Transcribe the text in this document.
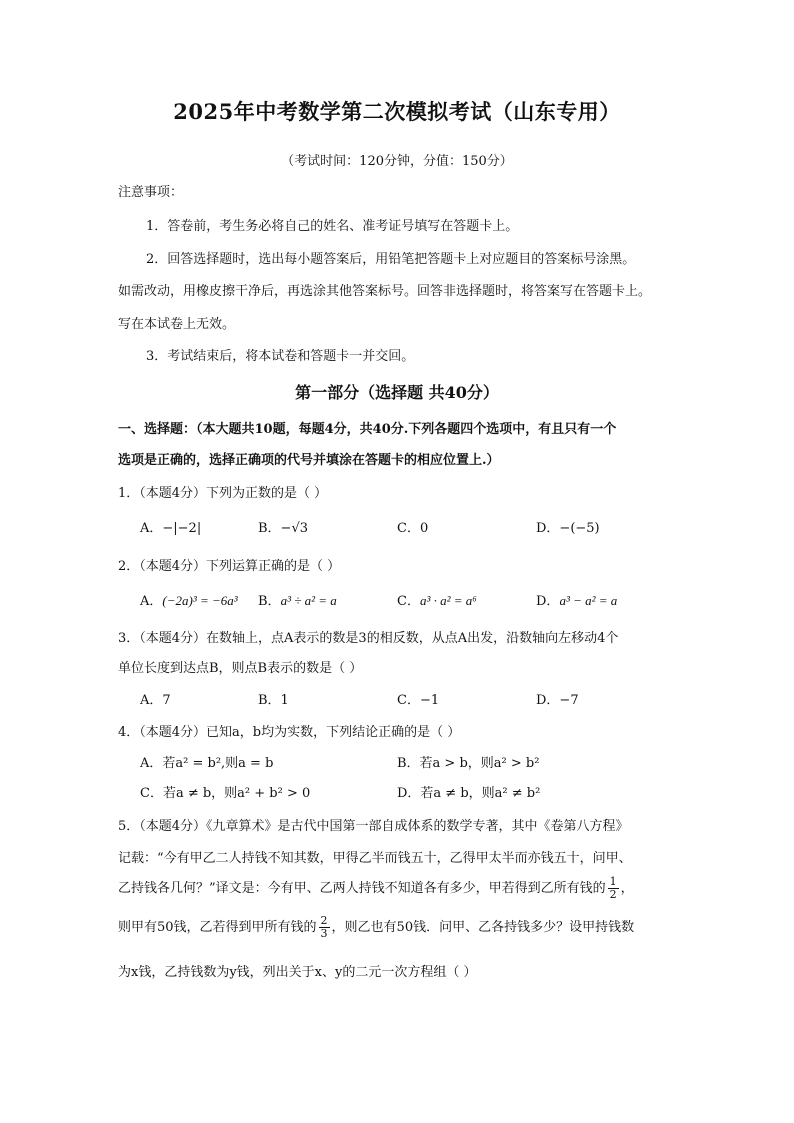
2025年中考数学第二次模拟考试（山东专用）
（考试时间：120分钟，分值：150分）
注意事项：
1．答卷前，考生务必将自己的姓名、准考证号填写在答题卡上。
2．回答选择题时，选出每小题答案后，用铅笔把答题卡上对应题目的答案标号涂黑。
如需改动，用橡皮擦干净后，再选涂其他答案标号。回答非选择题时，将答案写在答题卡上。
写在本试卷上无效。
3．考试结束后，将本试卷和答题卡一并交回。
第一部分（选择题 共40分）
一、选择题：（本大题共10题，每题4分，共40分.下列各题四个选项中，有且只有一个
选项是正确的，选择正确项的代号并填涂在答题卡的相应位置上.）
1．（本题4分）下列为正数的是（ ）
A．−|−2|	B．−√3	C．0	D．−(−5)
2．（本题4分）下列运算正确的是（ ）
A．(−2a)³ = −6a³ B．a³ ÷ a² = a	C．a³ · a² = a⁶	D．a³ − a² = a
3．（本题4分）在数轴上，点A表示的数是3的相反数，从点A出发，沿数轴向左移动4个
单位长度到达点B，则点B表示的数是（ ）
A．7	B．1	C．−1	D．−7
4．（本题4分）已知a，b均为实数，下列结论正确的是（ ）
A．若a² = b²,则a = b	B．若a > b，则a² > b²
C．若a ≠ b，则a² + b² > 0	D．若a ≠ b，则a² ≠ b²
5．（本题4分）《九章算术》是古代中国第一部自成体系的数学专著，其中《卷第八方程》
记载：“今有甲乙二人持钱不知其数，甲得乙半而钱五十，乙得甲太半而亦钱五十，问甲、
乙持钱各几何？”译文是：今有甲、乙两人持钱不知道各有多少，甲若得到乙所有钱的 $\frac{1}{2}$ ，
则甲有50钱，乙若得到甲所有钱的 $\frac{2}{3}$ ，则乙也有50钱．问甲、乙各持钱多少？设甲持钱数
为x钱，乙持钱数为y钱，列出关于x、y的二元一次方程组（ ）
